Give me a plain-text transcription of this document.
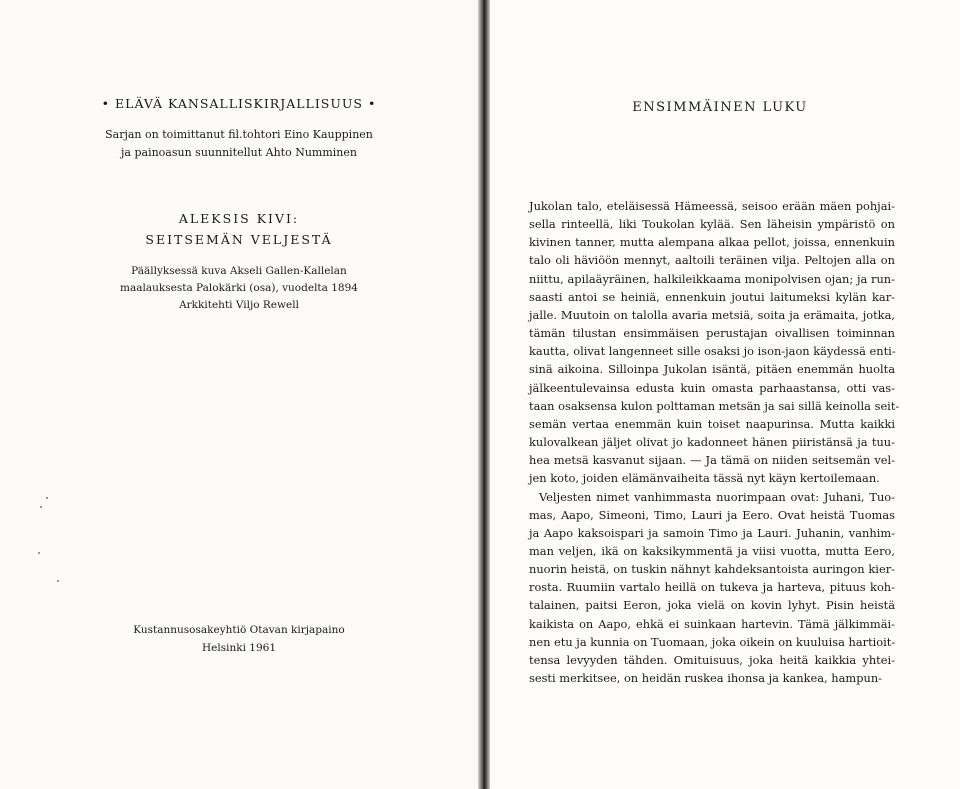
• ELÄVÄ KANSALLISKIRJALLISUUS •
Sarjan on toimittanut fil.tohtori Eino Kauppinen
ja painoasun suunnitellut Ahto Numminen
ALEKSIS KIVI:
SEITSEMÄN VELJESTÄ
Päällyksessä kuva Akseli Gallen-Kallelan
maalauksesta Palokärki (osa), vuodelta 1894
Arkkitehti Viljo Rewell
Kustannusosakeyhtiö Otavan kirjapaino
Helsinki 1961
ENSIMMÄINEN LUKU
Jukolan talo, eteläisessä Hämeessä, seisoo erään mäen pohjai-
sella rinteellä, liki Toukolan kylää. Sen läheisin ympäristö on
kivinen tanner, mutta alempana alkaa pellot, joissa, ennenkuin
talo oli häviöön mennyt, aaltoili teräinen vilja. Peltojen alla on
niittu, apilaäyräinen, halkileikkaama monipolvisen ojan; ja run-
saasti antoi se heiniä, ennenkuin joutui laitumeksi kylän kar-
jalle. Muutoin on talolla avaria metsiä, soita ja erämaita, jotka,
tämän tilustan ensimmäisen perustajan oivallisen toiminnan
kautta, olivat langenneet sille osaksi jo ison-jaon käydessä enti-
sinä aikoina. Silloinpa Jukolan isäntä, pitäen enemmän huolta
jälkeentulevainsa edusta kuin omasta parhaastansa, otti vas-
taan osaksensa kulon polttaman metsän ja sai sillä keinolla seit-
semän vertaa enemmän kuin toiset naapurinsa. Mutta kaikki
kulovalkean jäljet olivat jo kadonneet hänen piiristänsä ja tuu-
hea metsä kasvanut sijaan. — Ja tämä on niiden seitsemän vel-
jen koto, joiden elämänvaiheita tässä nyt käyn kertoilemaan.
Veljesten nimet vanhimmasta nuorimpaan ovat: Juhani, Tuo-
mas, Aapo, Simeoni, Timo, Lauri ja Eero. Ovat heistä Tuomas
ja Aapo kaksoispari ja samoin Timo ja Lauri. Juhanin, vanhim-
man veljen, ikä on kaksikymmentä ja viisi vuotta, mutta Eero,
nuorin heistä, on tuskin nähnyt kahdeksantoista auringon kier-
rosta. Ruumiin vartalo heillä on tukeva ja harteva, pituus koh-
talainen, paitsi Eeron, joka vielä on kovin lyhyt. Pisin heistä
kaikista on Aapo, ehkä ei suinkaan hartevin. Tämä jälkimmäi-
nen etu ja kunnia on Tuomaan, joka oikein on kuuluisa hartioit-
tensa levyyden tähden. Omituisuus, joka heitä kaikkia yhtei-
sesti merkitsee, on heidän ruskea ihonsa ja kankea, hampun-
